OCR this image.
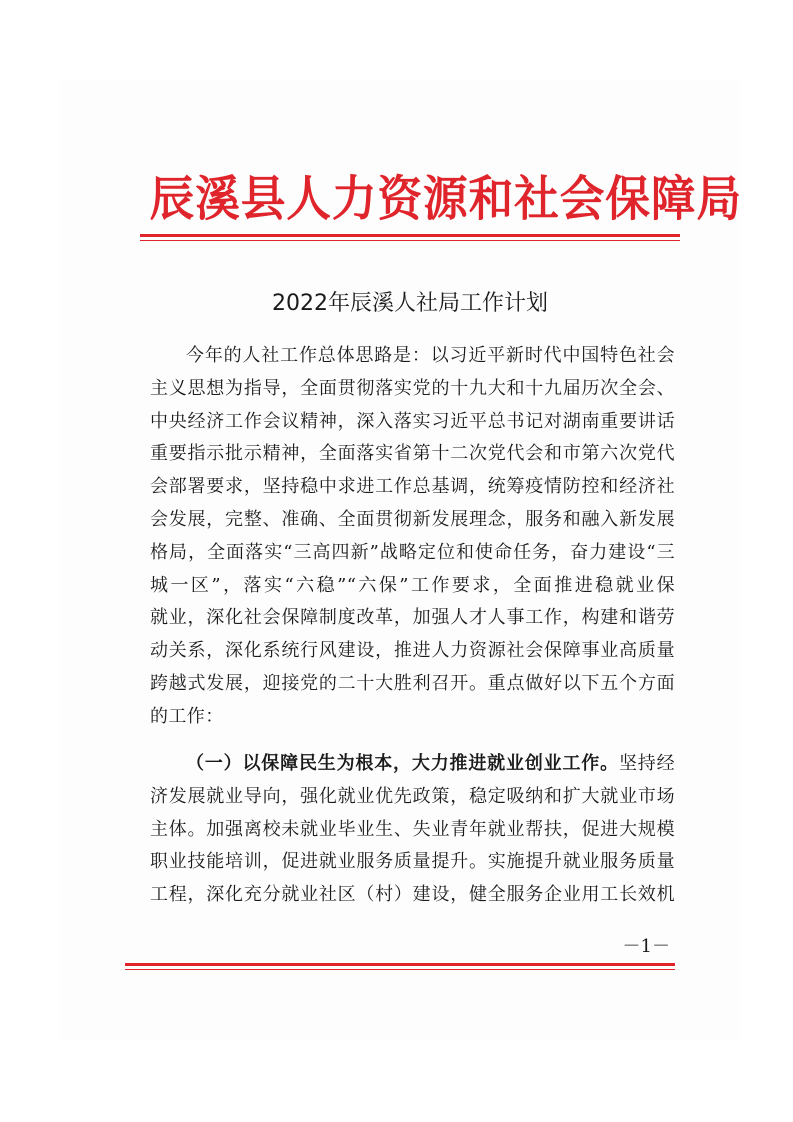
辰溪县人力资源和社会保障局
2022年辰溪人社局工作计划
今年的人社工作总体思路是：以习近平新时代中国特色社会
主义思想为指导，全面贯彻落实党的十九大和十九届历次全会、
中央经济工作会议精神，深入落实习近平总书记对湖南重要讲话
重要指示批示精神，全面落实省第十二次党代会和市第六次党代
会部署要求，坚持稳中求进工作总基调，统筹疫情防控和经济社
会发展，完整、准确、全面贯彻新发展理念，服务和融入新发展
格局，全面落实“三高四新”战略定位和使命任务，奋力建设“三
城一区”，落实“六稳”“六保”工作要求，全面推进稳就业保
就业，深化社会保障制度改革，加强人才人事工作，构建和谐劳
动关系，深化系统行风建设，推进人力资源社会保障事业高质量
跨越式发展，迎接党的二十大胜利召开。重点做好以下五个方面
的工作：
（一）以保障民生为根本，大力推进就业创业工作。坚持经
济发展就业导向，强化就业优先政策，稳定吸纳和扩大就业市场
主体。加强离校未就业毕业生、失业青年就业帮扶，促进大规模
职业技能培训，促进就业服务质量提升。实施提升就业服务质量
工程，深化充分就业社区（村）建设，健全服务企业用工长效机
－1－
